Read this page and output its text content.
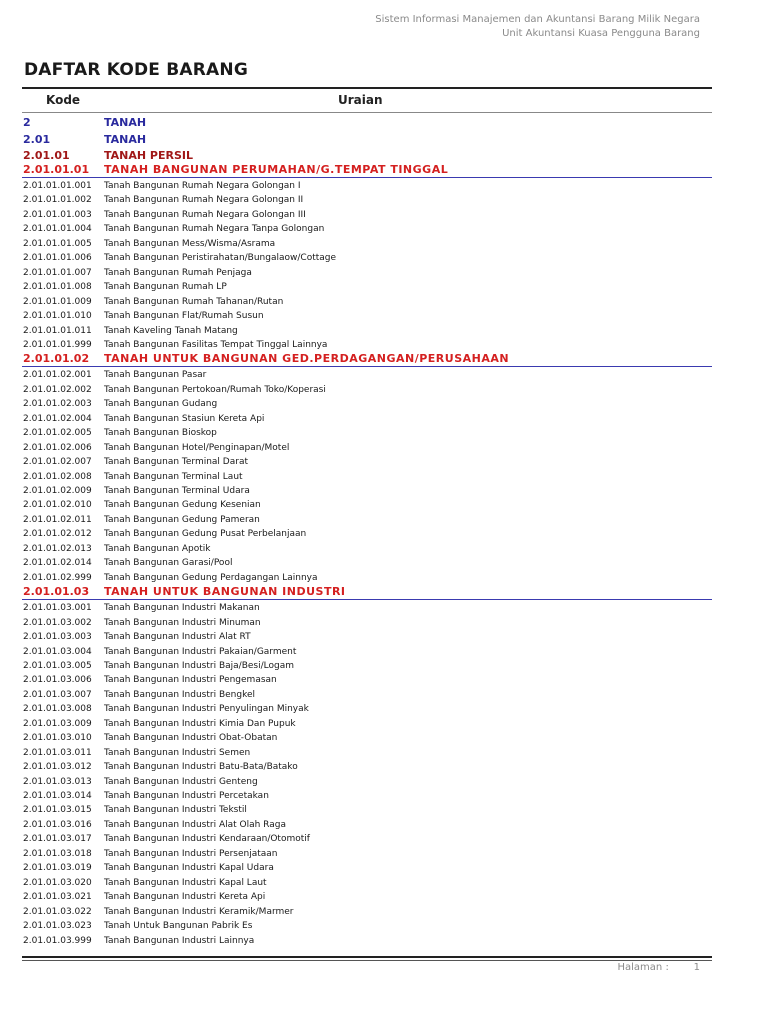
Sistem Informasi Manajemen dan Akuntansi Barang Milik Negara
Unit Akuntansi Kuasa Pengguna Barang
DAFTAR KODE BARANG
Kode	Uraian
2	TANAH
2.01	TANAH
2.01.01	TANAH PERSIL
2.01.01.01 TANAH BANGUNAN PERUMAHAN/G.TEMPAT TINGGAL
2.01.01.01.001 Tanah Bangunan Rumah Negara Golongan I
2.01.01.01.002 Tanah Bangunan Rumah Negara Golongan II
2.01.01.01.003 Tanah Bangunan Rumah Negara Golongan III
2.01.01.01.004 Tanah Bangunan Rumah Negara Tanpa Golongan
2.01.01.01.005 Tanah Bangunan Mess/Wisma/Asrama
2.01.01.01.006 Tanah Bangunan Peristirahatan/Bungalaow/Cottage
2.01.01.01.007 Tanah Bangunan Rumah Penjaga
2.01.01.01.008 Tanah Bangunan Rumah LP
2.01.01.01.009 Tanah Bangunan Rumah Tahanan/Rutan
2.01.01.01.010 Tanah Bangunan Flat/Rumah Susun
2.01.01.01.011 Tanah Kaveling Tanah Matang
2.01.01.01.999 Tanah Bangunan Fasilitas Tempat Tinggal Lainnya
2.01.01.02 TANAH UNTUK BANGUNAN GED.PERDAGANGAN/PERUSAHAAN
2.01.01.02.001 Tanah Bangunan Pasar
2.01.01.02.002 Tanah Bangunan Pertokoan/Rumah Toko/Koperasi
2.01.01.02.003 Tanah Bangunan Gudang
2.01.01.02.004 Tanah Bangunan Stasiun Kereta Api
2.01.01.02.005 Tanah Bangunan Bioskop
2.01.01.02.006 Tanah Bangunan Hotel/Penginapan/Motel
2.01.01.02.007 Tanah Bangunan Terminal Darat
2.01.01.02.008 Tanah Bangunan Terminal Laut
2.01.01.02.009 Tanah Bangunan Terminal Udara
2.01.01.02.010 Tanah Bangunan Gedung Kesenian
2.01.01.02.011 Tanah Bangunan Gedung Pameran
2.01.01.02.012 Tanah Bangunan Gedung Pusat Perbelanjaan
2.01.01.02.013 Tanah Bangunan Apotik
2.01.01.02.014 Tanah Bangunan Garasi/Pool
2.01.01.02.999 Tanah Bangunan Gedung Perdagangan Lainnya
2.01.01.03 TANAH UNTUK BANGUNAN INDUSTRI
2.01.01.03.001 Tanah Bangunan Industri Makanan
2.01.01.03.002 Tanah Bangunan Industri Minuman
2.01.01.03.003 Tanah Bangunan Industri Alat RT
2.01.01.03.004 Tanah Bangunan Industri Pakaian/Garment
2.01.01.03.005 Tanah Bangunan Industri Baja/Besi/Logam
2.01.01.03.006 Tanah Bangunan Industri Pengemasan
2.01.01.03.007 Tanah Bangunan Industri Bengkel
2.01.01.03.008 Tanah Bangunan Industri Penyulingan Minyak
2.01.01.03.009 Tanah Bangunan Industri Kimia Dan Pupuk
2.01.01.03.010 Tanah Bangunan Industri Obat-Obatan
2.01.01.03.011 Tanah Bangunan Industri Semen
2.01.01.03.012 Tanah Bangunan Industri Batu-Bata/Batako
2.01.01.03.013 Tanah Bangunan Industri Genteng
2.01.01.03.014 Tanah Bangunan Industri Percetakan
2.01.01.03.015 Tanah Bangunan Industri Tekstil
2.01.01.03.016 Tanah Bangunan Industri Alat Olah Raga
2.01.01.03.017 Tanah Bangunan Industri Kendaraan/Otomotif
2.01.01.03.018 Tanah Bangunan Industri Persenjataan
2.01.01.03.019 Tanah Bangunan Industri Kapal Udara
2.01.01.03.020 Tanah Bangunan Industri Kapal Laut
2.01.01.03.021 Tanah Bangunan Industri Kereta Api
2.01.01.03.022 Tanah Bangunan Industri Keramik/Marmer
2.01.01.03.023 Tanah Untuk Bangunan Pabrik Es
2.01.01.03.999 Tanah Bangunan Industri Lainnya
Halaman : 1
